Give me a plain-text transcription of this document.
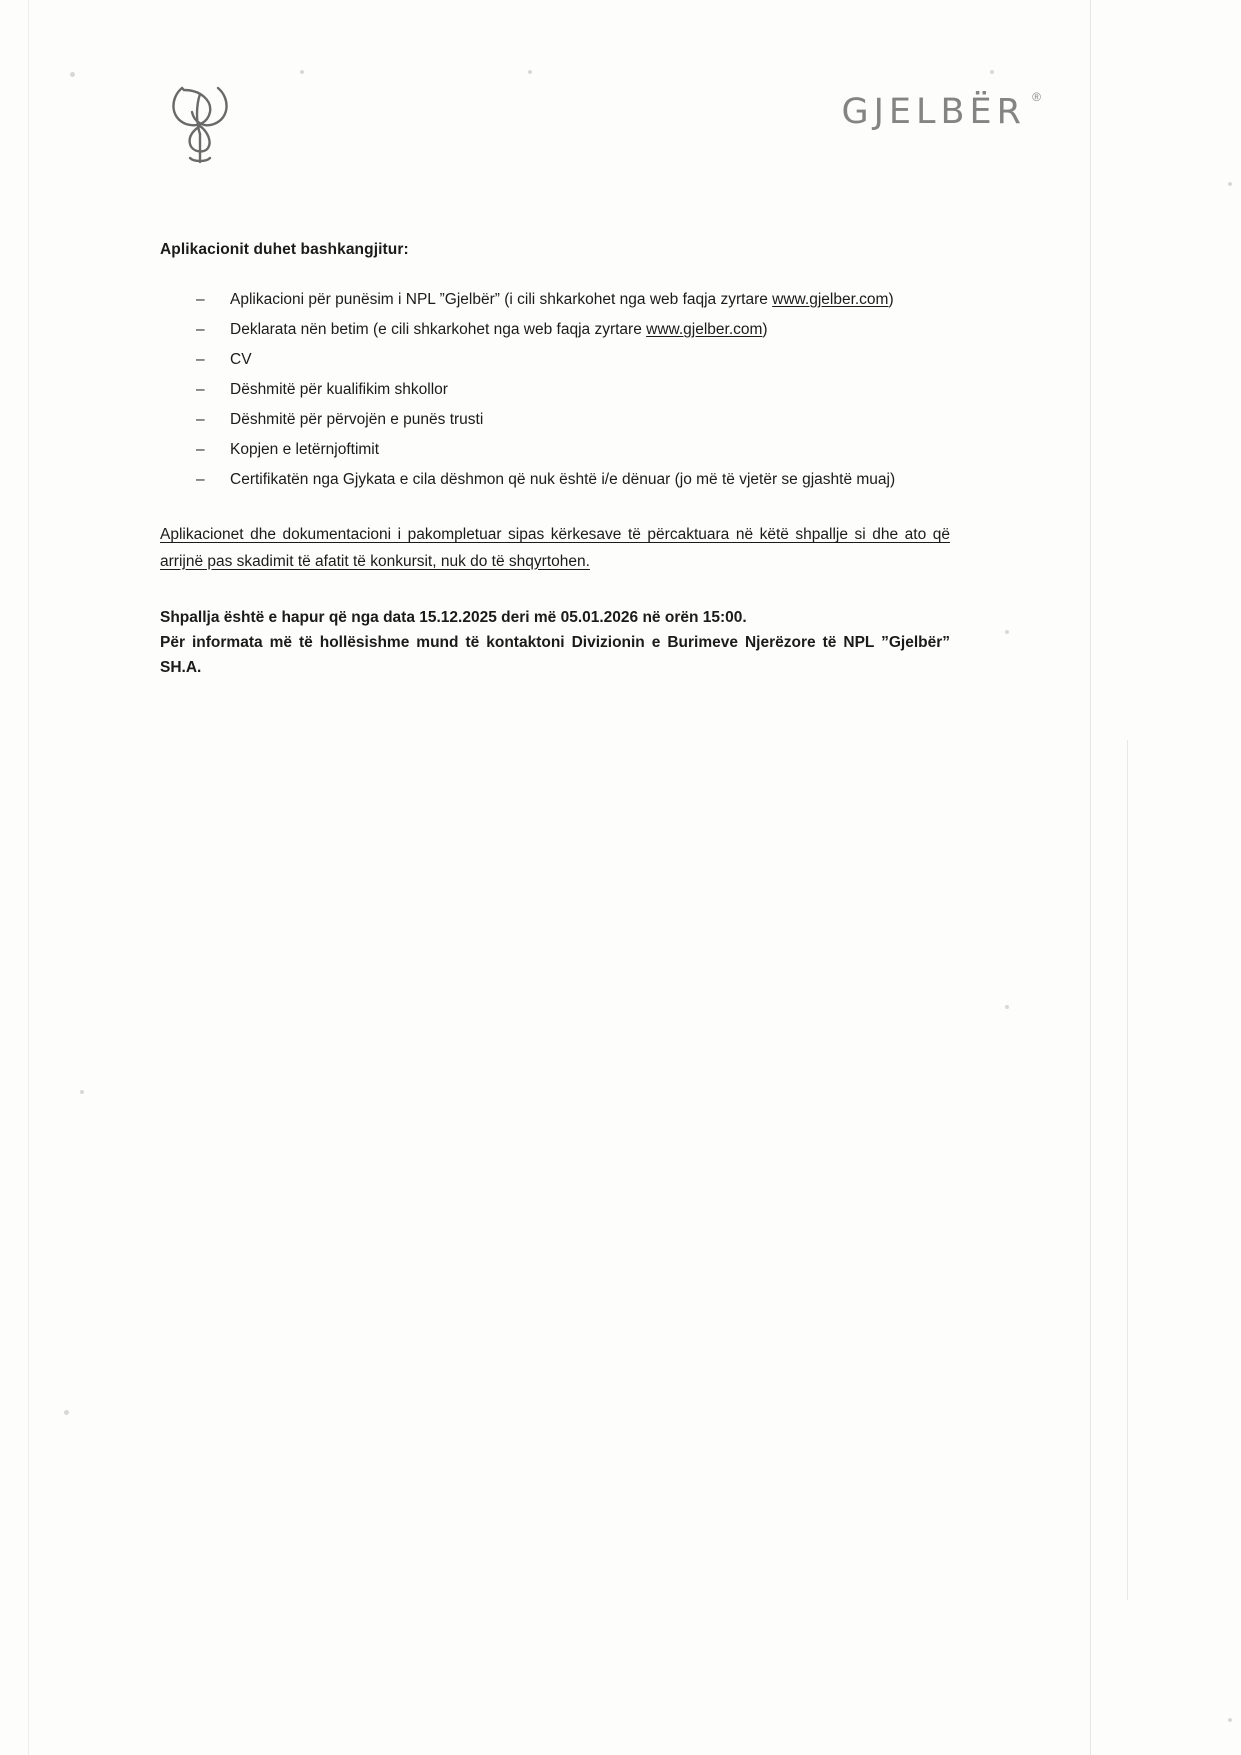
GJELBËR ®
Aplikacionit duhet bashkangjitur:
– Aplikacioni për punësim i NPL ”Gjelbër” (i cili shkarkohet nga web faqja zyrtare www.gjelber.com)
– Deklarata nën betim (e cili shkarkohet nga web faqja zyrtare www.gjelber.com)
– CV
– Dëshmitë për kualifikim shkollor
– Dëshmitë për përvojën e punës trusti
– Kopjen e letërnjoftimit
– Certifikatën nga Gjykata e cila dëshmon që nuk është i/e dënuar (jo më të vjetër se gjashtë muaj)
Aplikacionet dhe dokumentacioni i pakompletuar sipas kërkesave të përcaktuara në këtë shpallje si dhe ato që arrijnë pas skadimit të afatit të konkursit, nuk do të shqyrtohen.
Shpallja është e hapur që nga data 15.12.2025 deri më 05.01.2026 në orën 15:00.
Për informata më të hollësishme mund të kontaktoni Divizionin e Burimeve Njerëzore të NPL ”Gjelbër” SH.A.
